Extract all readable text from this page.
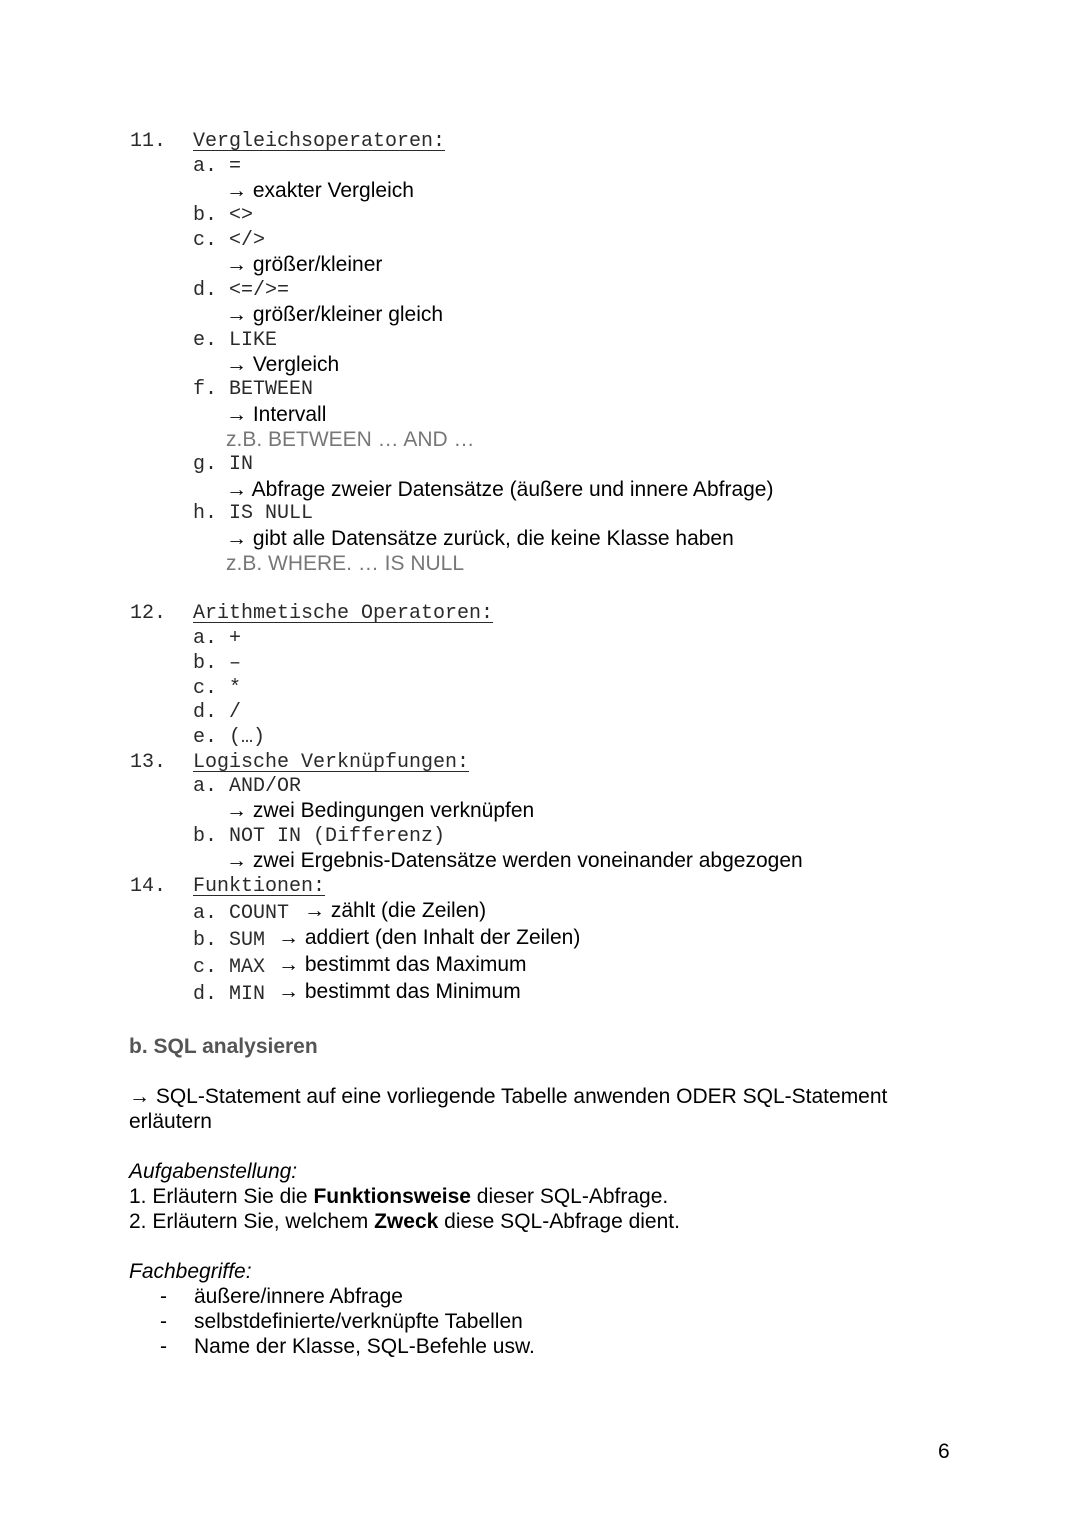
11. Vergleichsoperatoren:
a. =
→ exakter Vergleich
b. <>
c. </>
→ größer/kleiner
d. <=/>=
→ größer/kleiner gleich
e. LIKE
→ Vergleich
f. BETWEEN
→ Intervall
z.B. BETWEEN … AND …
g. IN
→ Abfrage zweier Datensätze (äußere und innere Abfrage)
h. IS NULL
→ gibt alle Datensätze zurück, die keine Klasse haben
z.B. WHERE. … IS NULL
12. Arithmetische Operatoren:
a. +
b. –
c. *
d. /
e. (…)
13. Logische Verknüpfungen:
a. AND/OR
→ zwei Bedingungen verknüpfen
b. NOT IN (Differenz)
→ zwei Ergebnis-Datensätze werden voneinander abgezogen
14. Funktionen:
a. COUNT → zählt (die Zeilen)
b. SUM → addiert (den Inhalt der Zeilen)
c. MAX → bestimmt das Maximum
d. MIN → bestimmt das Minimum
b. SQL analysieren
→ SQL-Statement auf eine vorliegende Tabelle anwenden ODER SQL-Statement
erläutern
Aufgabenstellung:
1. Erläutern Sie die Funktionsweise dieser SQL-Abfrage.
2. Erläutern Sie, welchem Zweck diese SQL-Abfrage dient.
Fachbegriffe:
- äußere/innere Abfrage
- selbstdefinierte/verknüpfte Tabellen
- Name der Klasse, SQL-Befehle usw.
6
